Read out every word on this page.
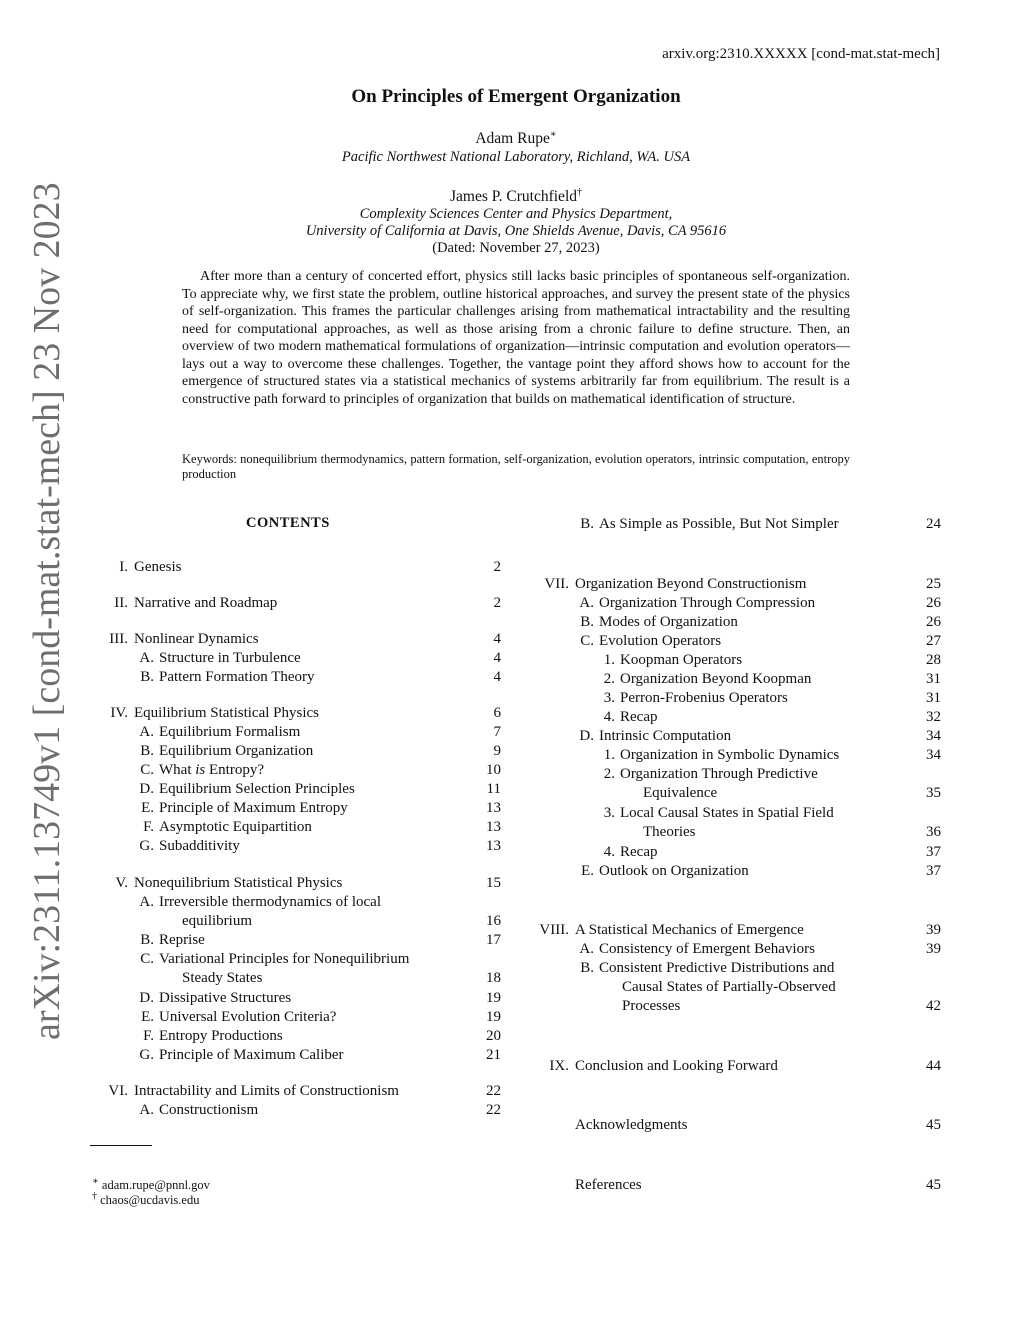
arxiv.org:2310.XXXXX [cond-mat.stat-mech]
arXiv:2311.13749v1 [cond-mat.stat-mech] 23 Nov 2023
On Principles of Emergent Organization
Adam Rupe∗
Pacific Northwest National Laboratory, Richland, WA. USA
James P. Crutchfield†
Complexity Sciences Center and Physics Department,
University of California at Davis, One Shields Avenue, Davis, CA 95616
(Dated: November 27, 2023)
After more than a century of concerted effort, physics still lacks basic principles of spontaneous self-organization. To appreciate why, we first state the problem, outline historical approaches, and survey the present state of the physics of self-organization. This frames the particular challenges arising from mathematical intractability and the resulting need for computational approaches, as well as those arising from a chronic failure to define structure. Then, an overview of two modern mathematical formulations of organization—intrinsic computation and evolution operators—lays out a way to overcome these challenges. Together, the vantage point they afford shows how to account for the emergence of structured states via a statistical mechanics of systems arbitrarily far from equilibrium. The result is a constructive path forward to principles of organization that builds on mathematical identification of structure.
Keywords: nonequilibrium thermodynamics, pattern formation, self-organization, evolution operators, intrinsic computation, entropy production
CONTENTS
I. Genesis	2
II. Narrative and Roadmap	2
III. Nonlinear Dynamics	4
A. Structure in Turbulence	4
B. Pattern Formation Theory	4
IV. Equilibrium Statistical Physics	6
A. Equilibrium Formalism	7
B. Equilibrium Organization	9
C. What is Entropy?	10
D. Equilibrium Selection Principles	11
E. Principle of Maximum Entropy	13
F. Asymptotic Equipartition	13
G. Subadditivity	13
V. Nonequilibrium Statistical Physics	15
A. Irreversible thermodynamics of local
equilibrium	16
B. Reprise	17
C. Variational Principles for Nonequilibrium
Steady States	18
D. Dissipative Structures	19
E. Universal Evolution Criteria?	19
F. Entropy Productions	20
G. Principle of Maximum Caliber	21
VI. Intractability and Limits of Constructionism	22
A. Constructionism	22
B. As Simple as Possible, But Not Simpler	24
VII. Organization Beyond Constructionism	25
A. Organization Through Compression	26
B. Modes of Organization	26
C. Evolution Operators	27
1. Koopman Operators	28
2. Organization Beyond Koopman	31
3. Perron-Frobenius Operators	31
4. Recap	32
D. Intrinsic Computation	34
1. Organization in Symbolic Dynamics	34
2. Organization Through Predictive
Equivalence	35
3. Local Causal States in Spatial Field
Theories	36
4. Recap	37
E. Outlook on Organization	37
VIII. A Statistical Mechanics of Emergence	39
A. Consistency of Emergent Behaviors	39
B. Consistent Predictive Distributions and
Causal States of Partially-Observed
Processes	42
IX. Conclusion and Looking Forward	44
Acknowledgments	45
References	45
∗ adam.rupe@pnnl.gov
† chaos@ucdavis.edu
